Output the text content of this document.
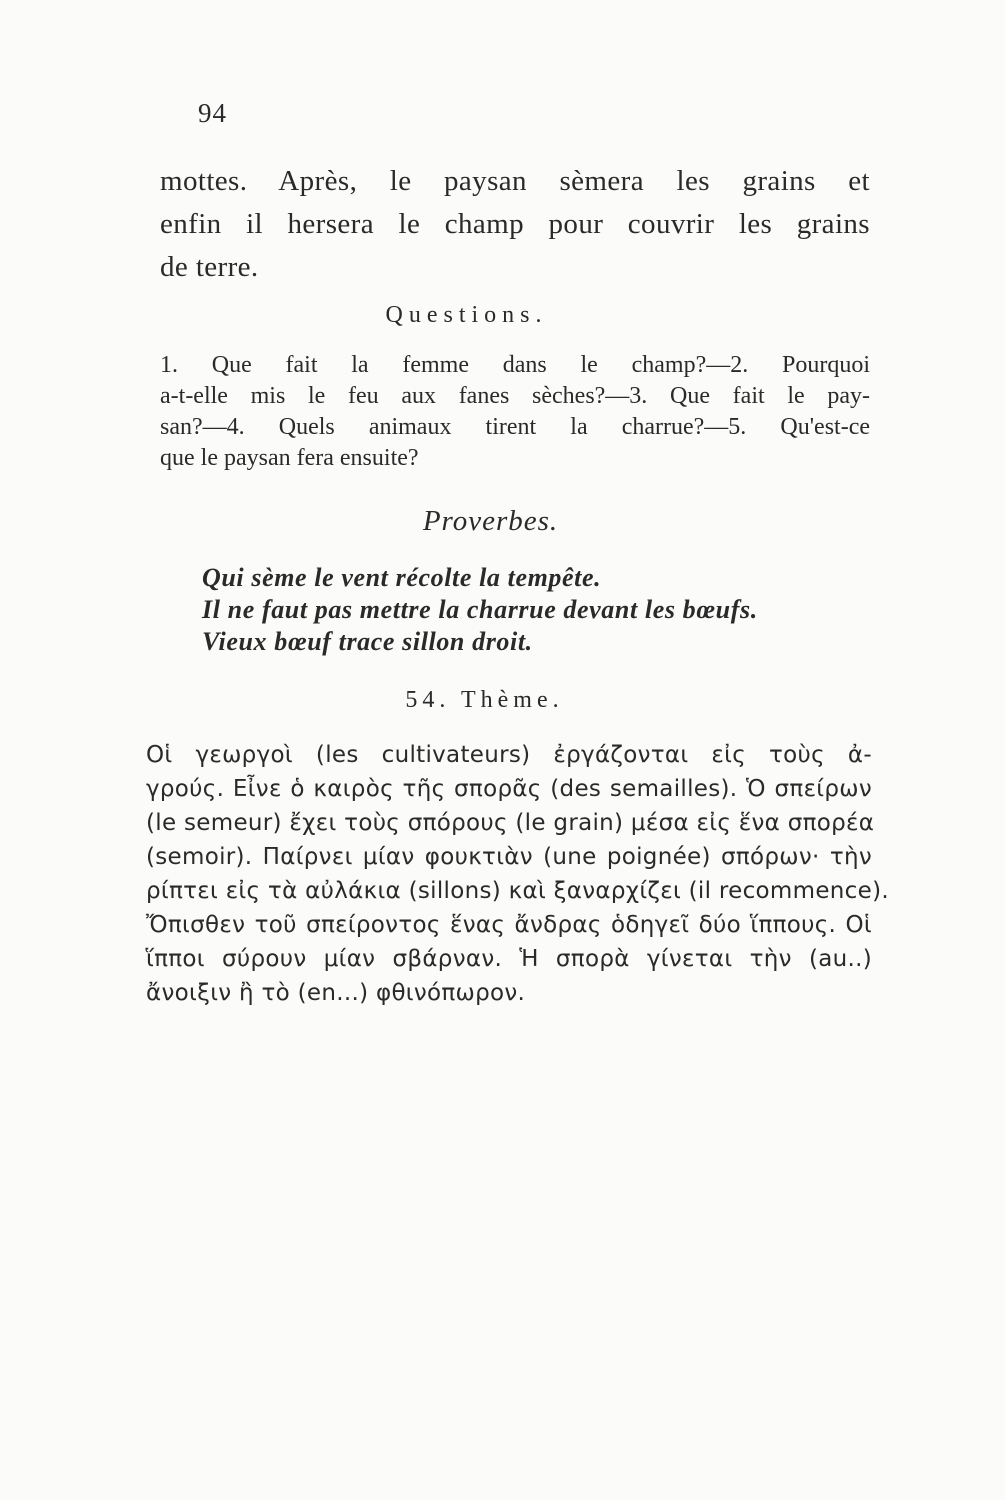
94
mottes. Après, le paysan sèmera les grains et
enfin il hersera le champ pour couvrir les grains
de terre.
Questions.
1. Que fait la femme dans le champ?—2. Pourquoi
a-t-elle mis le feu aux fanes sèches?—3. Que fait le pay-
san?—4. Quels animaux tirent la charrue?—5. Qu'est-ce
que le paysan fera ensuite?
Proverbes.
Qui sème le vent récolte la tempête.
Il ne faut pas mettre la charrue devant les bœufs.
Vieux bœuf trace sillon droit.
54. Thème.
Οἱ γεωργοὶ (les cultivateurs) ἐργάζονται εἰς τοὺς ἀ-
γρούς. Εἶνε ὁ καιρὸς τῆς σπορᾶς (des semailles). Ὁ σπείρων
(le semeur) ἔχει τοὺς σπόρους (le grain) μέσα εἰς ἕνα σπορέα
(semoir). Παίρνει μίαν φουκτιὰν (une poignée) σπόρων· τὴν
ρίπτει εἰς τὰ αὐλάκια (sillons) καὶ ξαναρχίζει (il recommence).
Ὄπισθεν τοῦ σπείροντος ἕνας ἄνδρας ὁδηγεῖ δύο ἵππους. Οἱ
ἵπποι σύρουν μίαν σβάρναν. Ἡ σπορὰ γίνεται τὴν (au..)
ἄνοιξιν ἢ τὸ (en...) φθινόπωρον.
